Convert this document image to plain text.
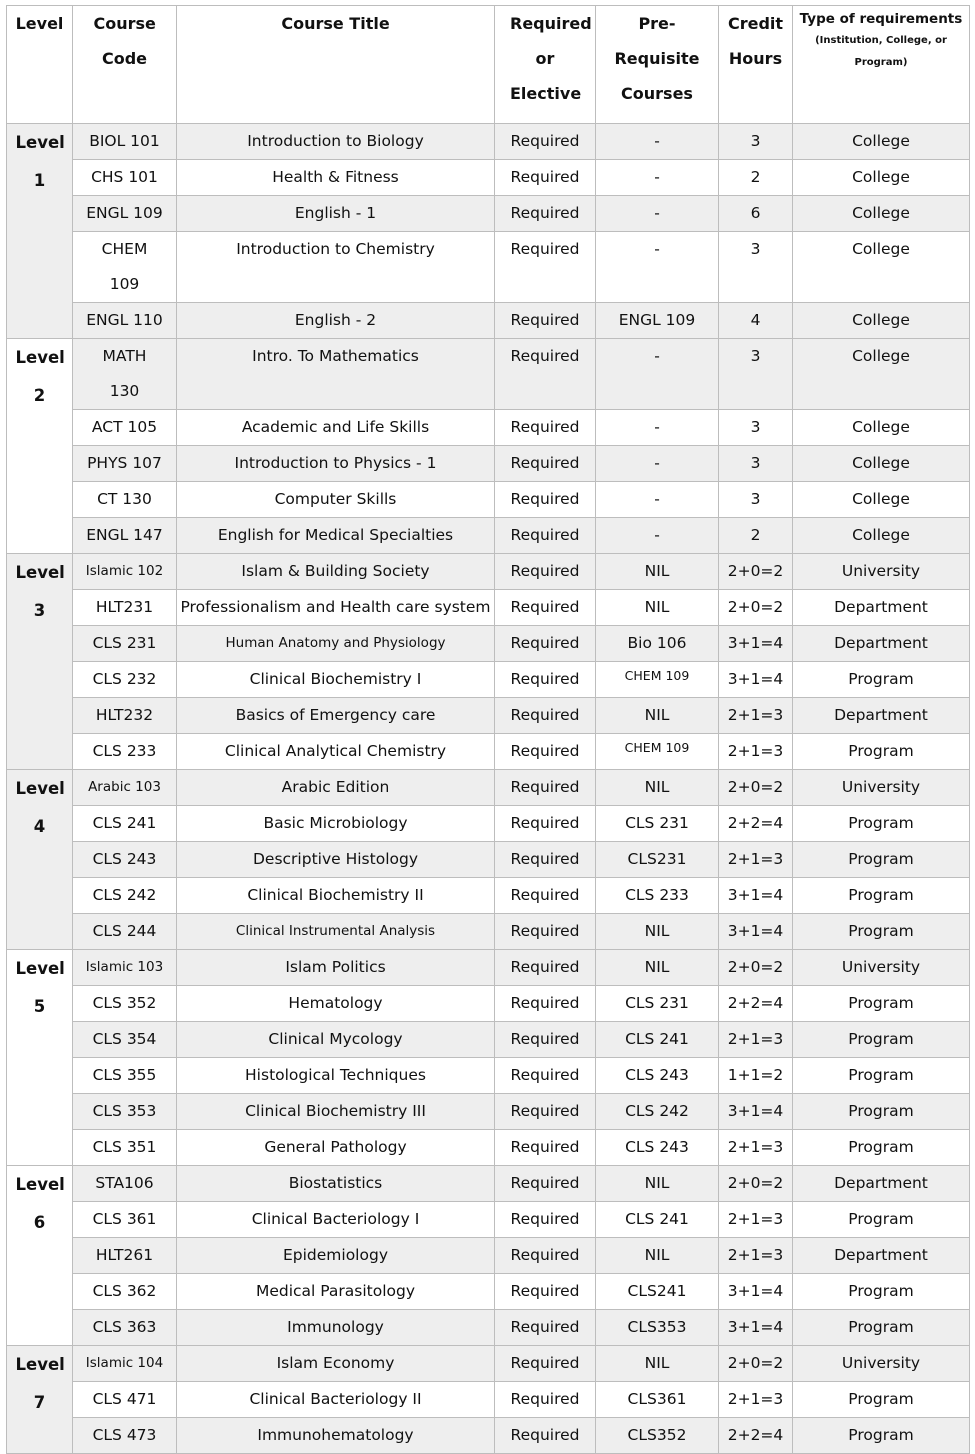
Level	Course Code	Course Title	Required or Elective	Pre-Requisite Courses	Credit Hours	Type of requirements
(Institution, College, or Program)

Level 1	BIOL 101	Introduction to Biology	Required	-	3	College
	CHS 101	Health & Fitness	Required	-	2	College
	ENGL 109	English - 1	Required	-	6	College

	CHEM 109	Introduction to Chemistry	Required	-	3	College
	ENGL 110	English - 2	Required	ENGL 109	4	College

Level 2	MATH 130	Intro. To Mathematics	Required	-	3	College
	ACT 105	Academic and Life Skills	Required	-	3	College
	PHYS 107	Introduction to Physics - 1	Required	-	3	College
	CT 130	Computer Skills	Required	-	3	College
	ENGL 147	English for Medical Specialties	Required	-	2	College

Level 3	Islamic 102	Islam & Building Society	Required	NIL	2+0=2	University
	HLT231	Professionalism and Health care system	Required	NIL	2+0=2	Department
	CLS 231	Human Anatomy and Physiology	Required	Bio 106	3+1=4	Department
	CLS 232	Clinical Biochemistry I	Required	CHEM 109	3+1=4	Program
	HLT232	Basics of Emergency care	Required	NIL	2+1=3	Department
	CLS 233	Clinical Analytical Chemistry	Required	CHEM 109	2+1=3	Program

Level 4	Arabic 103	Arabic Edition	Required	NIL	2+0=2	University
	CLS 241	Basic Microbiology	Required	CLS 231	2+2=4	Program
	CLS 243	Descriptive Histology	Required	CLS231	2+1=3	Program
	CLS 242	Clinical Biochemistry II	Required	CLS 233	3+1=4	Program
	CLS 244	Clinical Instrumental Analysis	Required	NIL	3+1=4	Program

Level 5	Islamic 103	Islam Politics	Required	NIL	2+0=2	University
	CLS 352	Hematology	Required	CLS 231	2+2=4	Program
	CLS 354	Clinical Mycology	Required	CLS 241	2+1=3	Program
	CLS 355	Histological Techniques	Required	CLS 243	1+1=2	Program
	CLS 353	Clinical Biochemistry III	Required	CLS 242	3+1=4	Program
	CLS 351	General Pathology	Required	CLS 243	2+1=3	Program

Level 6	STA106	Biostatistics	Required	NIL	2+0=2	Department
	CLS 361	Clinical Bacteriology I	Required	CLS 241	2+1=3	Program
	HLT261	Epidemiology	Required	NIL	2+1=3	Department
	CLS 362	Medical Parasitology	Required	CLS241	3+1=4	Program
	CLS 363	Immunology	Required	CLS353	3+1=4	Program

Level 7	Islamic 104	Islam Economy	Required	NIL	2+0=2	University
	CLS 471	Clinical Bacteriology II	Required	CLS361	2+1=3	Program
	CLS 473	Immunohematology	Required	CLS352	2+2=4	Program
